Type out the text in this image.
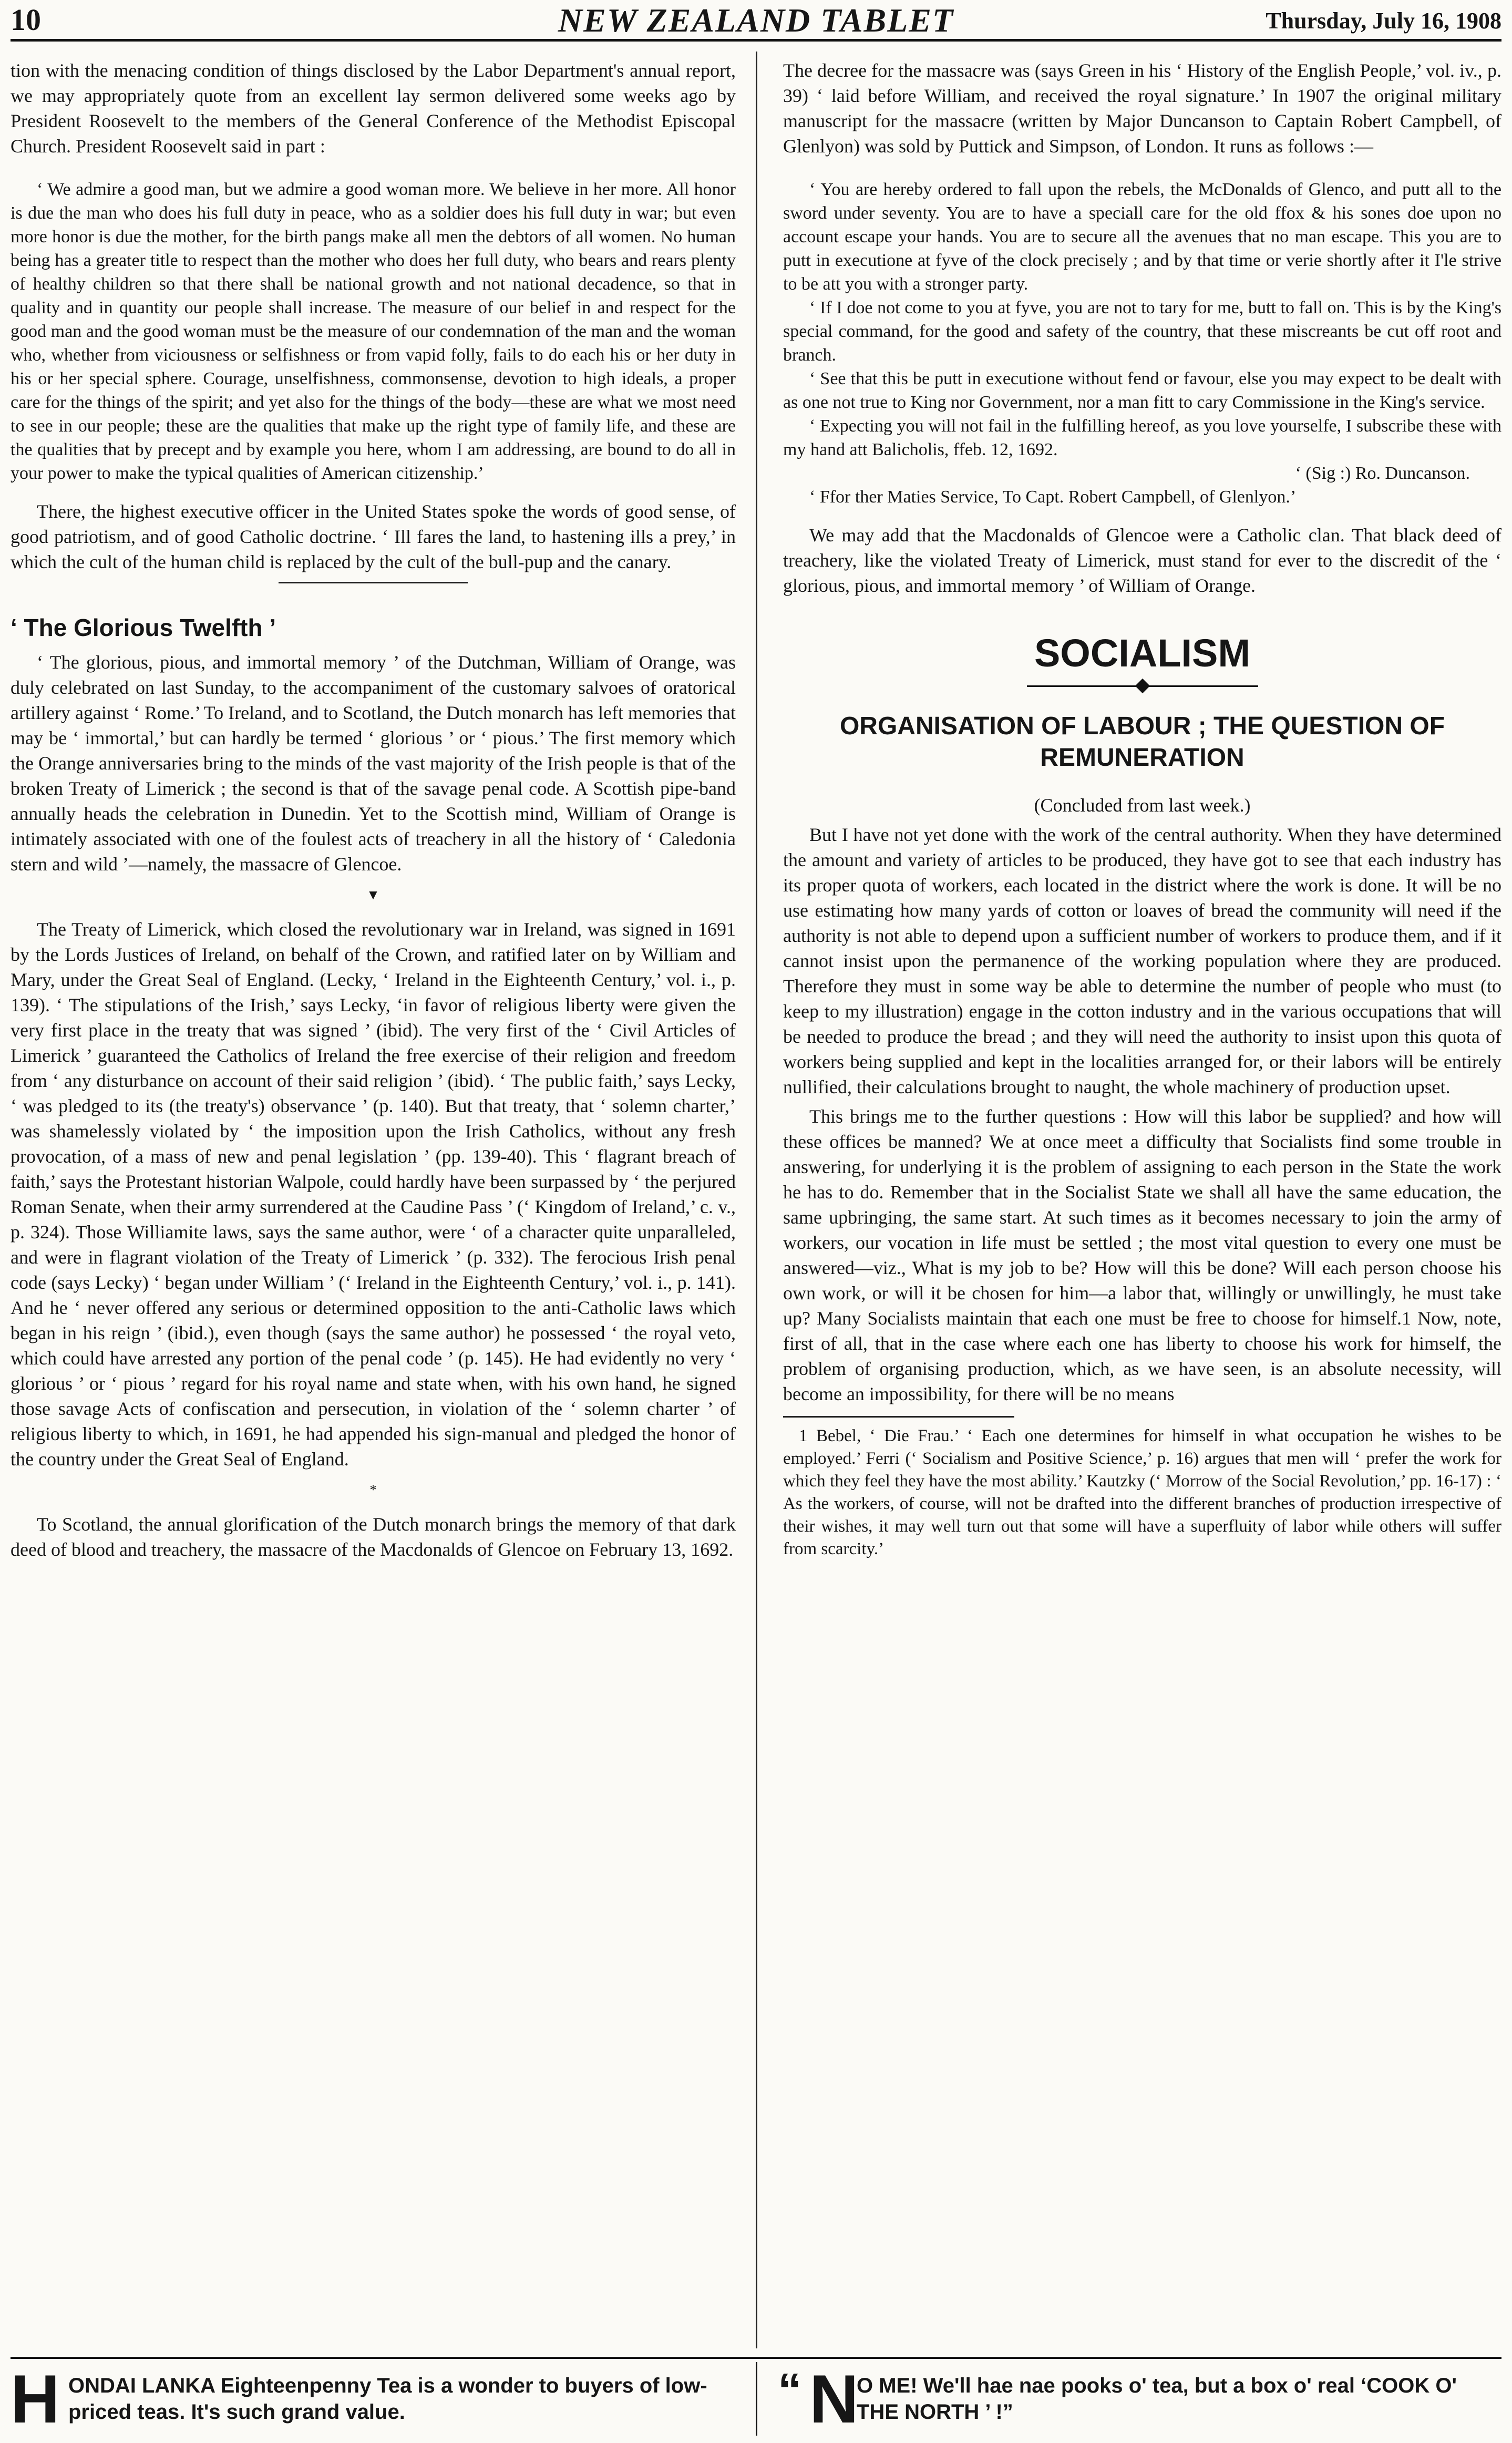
10	NEW ZEALAND TABLET	Thursday, July 16, 1908

tion with the menacing condition of things disclosed by the Labor Department's annual report, we may appropriately quote from an excellent lay sermon delivered some weeks ago by President Roosevelt to the members of the General Conference of the Methodist Episcopal Church. President Roosevelt said in part :

‘ We admire a good man, but we admire a good woman more. We believe in her more. All honor is due the man who does his full duty in peace, who as a soldier does his full duty in war; but even more honor is due the mother, for the birth pangs make all men the debtors of all women. No human being has a greater title to respect than the mother who does her full duty, who bears and rears plenty of healthy children so that there shall be national growth and not national decadence, so that in quality and in quantity our people shall increase. The measure of our belief in and respect for the good man and the good woman must be the measure of our condemnation of the man and the woman who, whether from viciousness or selfishness or from vapid folly, fails to do each his or her duty in his or her special sphere. Courage, unselfishness, commonsense, devotion to high ideals, a proper care for the things of the spirit; and yet also for the things of the body—these are what we most need to see in our people; these are the qualities that make up the right type of family life, and these are the qualities that by precept and by example you here, whom I am addressing, are bound to do all in your power to make the typical qualities of American citizenship.’

There, the highest executive officer in the United States spoke the words of good sense, of good patriotism, and of good Catholic doctrine. ‘ Ill fares the land, to hastening ills a prey,’ in which the cult of the human child is replaced by the cult of the bull-pup and the canary.

‘ The Glorious Twelfth ’

‘ The glorious, pious, and immortal memory ’ of the Dutchman, William of Orange, was duly celebrated on last Sunday, to the accompaniment of the customary salvoes of oratorical artillery against ‘ Rome.’ To Ireland, and to Scotland, the Dutch monarch has left memories that may be ‘ immortal,’ but can hardly be termed ‘ glorious ’ or ‘ pious.’ The first memory which the Orange anniversaries bring to the minds of the vast majority of the Irish people is that of the broken Treaty of Limerick ; the second is that of the savage penal code. A Scottish pipe-band annually heads the celebration in Dunedin. Yet to the Scottish mind, William of Orange is intimately associated with one of the foulest acts of treachery in all the history of ‘ Caledonia stern and wild ’—namely, the massacre of Glencoe.

▼

The Treaty of Limerick, which closed the revolutionary war in Ireland, was signed in 1691 by the Lords Justices of Ireland, on behalf of the Crown, and ratified later on by William and Mary, under the Great Seal of England. (Lecky, ‘ Ireland in the Eighteenth Century,’ vol. i., p. 139). ‘ The stipulations of the Irish,’ says Lecky, ‘in favor of religious liberty were given the very first place in the treaty that was signed ’ (ibid). The very first of the ‘ Civil Articles of Limerick ’ guaranteed the Catholics of Ireland the free exercise of their religion and freedom from ‘ any disturbance on account of their said religion ’ (ibid). ‘ The public faith,’ says Lecky, ‘ was pledged to its (the treaty's) observance ’ (p. 140). But that treaty, that ‘ solemn charter,’ was shamelessly violated by ‘ the imposition upon the Irish Catholics, without any fresh provocation, of a mass of new and penal legislation ’ (pp. 139-40). This ‘ flagrant breach of faith,’ says the Protestant historian Walpole, could hardly have been surpassed by ‘ the perjured Roman Senate, when their army surrendered at the Caudine Pass ’ (‘ Kingdom of Ireland,’ c. v., p. 324). Those Williamite laws, says the same author, were ‘ of a character quite unparalleled, and were in flagrant violation of the Treaty of Limerick ’ (p. 332). The ferocious Irish penal code (says Lecky) ‘ began under William ’ (‘ Ireland in the Eighteenth Century,’ vol. i., p. 141). And he ‘ never offered any serious or determined opposition to the anti-Catholic laws which began in his reign ’ (ibid.), even though (says the same author) he possessed ‘ the royal veto, which could have arrested any portion of the penal code ’ (p. 145). He had evidently no very ‘ glorious ’ or ‘ pious ’ regard for his royal name and state when, with his own hand, he signed those savage Acts of confiscation and persecution, in violation of the ‘ solemn charter ’ of religious liberty to which, in 1691, he had appended his sign-manual and pledged the honor of the country under the Great Seal of England.

*

To Scotland, the annual glorification of the Dutch monarch brings the memory of that dark deed of blood and treachery, the massacre of the Macdonalds of Glencoe on February 13, 1692.

The decree for the massacre was (says Green in his ‘ History of the English People,’ vol. iv., p. 39) ‘ laid before William, and received the royal signature.’ In 1907 the original military manuscript for the massacre (written by Major Duncanson to Captain Robert Campbell, of Glenlyon) was sold by Puttick and Simpson, of London. It runs as follows :—

‘ You are hereby ordered to fall upon the rebels, the McDonalds of Glenco, and putt all to the sword under seventy. You are to have a speciall care for the old ffox & his sones doe upon no account escape your hands. You are to secure all the avenues that no man escape. This you are to putt in executione at fyve of the clock precisely ; and by that time or verie shortly after it I'le strive to be att you with a stronger party.

‘ If I doe not come to you at fyve, you are not to tary for me, butt to fall on. This is by the King's special command, for the good and safety of the country, that these miscreants be cut off root and branch.

‘ See that this be putt in executione without fend or favour, else you may expect to be dealt with as one not true to King nor Government, nor a man fitt to cary Commissione in the King's service.

‘ Expecting you will not fail in the fulfilling hereof, as you love yourselfe, I subscribe these with my hand att Balicholis, ffeb. 12, 1692.

‘ (Sig :) Ro. Duncanson.

‘ Ffor ther Maties Service, To Capt. Robert Campbell, of Glenlyon.’

We may add that the Macdonalds of Glencoe were a Catholic clan. That black deed of treachery, like the violated Treaty of Limerick, must stand for ever to the discredit of the ‘ glorious, pious, and immortal memory ’ of William of Orange.

SOCIALISM

ORGANISATION OF LABOUR ; THE QUESTION OF REMUNERATION

(Concluded from last week.)

But I have not yet done with the work of the central authority. When they have determined the amount and variety of articles to be produced, they have got to see that each industry has its proper quota of workers, each located in the district where the work is done. It will be no use estimating how many yards of cotton or loaves of bread the community will need if the authority is not able to depend upon a sufficient number of workers to produce them, and if it cannot insist upon the permanence of the working population where they are produced. Therefore they must in some way be able to determine the number of people who must (to keep to my illustration) engage in the cotton industry and in the various occupations that will be needed to produce the bread ; and they will need the authority to insist upon this quota of workers being supplied and kept in the localities arranged for, or their labors will be entirely nullified, their calculations brought to naught, the whole machinery of production upset.

This brings me to the further questions : How will this labor be supplied? and how will these offices be manned? We at once meet a difficulty that Socialists find some trouble in answering, for underlying it is the problem of assigning to each person in the State the work he has to do. Remember that in the Socialist State we shall all have the same education, the same upbringing, the same start. At such times as it becomes necessary to join the army of workers, our vocation in life must be settled ; the most vital question to every one must be answered—viz., What is my job to be? How will this be done? Will each person choose his own work, or will it be chosen for him—a labor that, willingly or unwillingly, he must take up? Many Socialists maintain that each one must be free to choose for himself.1 Now, note, first of all, that in the case where each one has liberty to choose his work for himself, the problem of organising production, which, as we have seen, is an absolute necessity, will become an impossibility, for there will be no means

1 Bebel, ‘ Die Frau.’ ‘ Each one determines for himself in what occupation he wishes to be employed.’ Ferri (‘ Socialism and Positive Science,’ p. 16) argues that men will ‘ prefer the work for which they feel they have the most ability.’ Kautzky (‘ Morrow of the Social Revolution,’ pp. 16-17) : ‘ As the workers, of course, will not be drafted into the different branches of production irrespective of their wishes, it may well turn out that some will have a superfluity of labor while others will suffer from scarcity.’

H ONDAI LANKA Eighteenpenny Tea is a wonder to buyers of low-priced teas. It's such grand value.	“ N
O ME! We'll hae nae pooks o' tea, but a box o' real ‘COOK O' THE NORTH ’ !”
